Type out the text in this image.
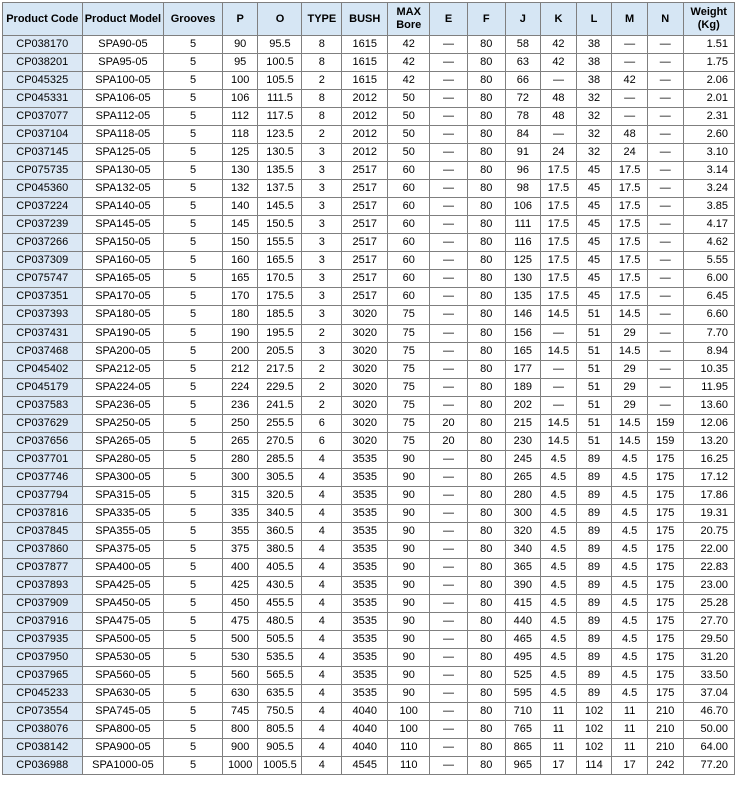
Product Code	Product Model	Grooves	P	O	TYPE	BUSH	MAX Bore	E	F	J	K	L	M	N	Weight (Kg)
CP038170	SPA90-05	5	90	95.5	8	1615	42	—	80	58	42	38	—	—	1.51
CP038201	SPA95-05	5	95	100.5	8	1615	42	—	80	63	42	38	—	—	1.75
CP045325	SPA100-05	5	100	105.5	2	1615	42	—	80	66	—	38	42	—	2.06
CP045331	SPA106-05	5	106	111.5	8	2012	50	—	80	72	48	32	—	—	2.01
CP037077	SPA112-05	5	112	117.5	8	2012	50	—	80	78	48	32	—	—	2.31
CP037104	SPA118-05	5	118	123.5	2	2012	50	—	80	84	—	32	48	—	2.60
CP037145	SPA125-05	5	125	130.5	3	2012	50	—	80	91	24	32	24	—	3.10
CP075735	SPA130-05	5	130	135.5	3	2517	60	—	80	96	17.5	45	17.5	—	3.14
CP045360	SPA132-05	5	132	137.5	3	2517	60	—	80	98	17.5	45	17.5	—	3.24
CP037224	SPA140-05	5	140	145.5	3	2517	60	—	80	106	17.5	45	17.5	—	3.85
CP037239	SPA145-05	5	145	150.5	3	2517	60	—	80	111	17.5	45	17.5	—	4.17
CP037266	SPA150-05	5	150	155.5	3	2517	60	—	80	116	17.5	45	17.5	—	4.62
CP037309	SPA160-05	5	160	165.5	3	2517	60	—	80	125	17.5	45	17.5	—	5.55
CP075747	SPA165-05	5	165	170.5	3	2517	60	—	80	130	17.5	45	17.5	—	6.00
CP037351	SPA170-05	5	170	175.5	3	2517	60	—	80	135	17.5	45	17.5	—	6.45
CP037393	SPA180-05	5	180	185.5	3	3020	75	—	80	146	14.5	51	14.5	—	6.60
CP037431	SPA190-05	5	190	195.5	2	3020	75	—	80	156	—	51	29	—	7.70
CP037468	SPA200-05	5	200	205.5	3	3020	75	—	80	165	14.5	51	14.5	—	8.94
CP045402	SPA212-05	5	212	217.5	2	3020	75	—	80	177	—	51	29	—	10.35
CP045179	SPA224-05	5	224	229.5	2	3020	75	—	80	189	—	51	29	—	11.95
CP037583	SPA236-05	5	236	241.5	2	3020	75	—	80	202	—	51	29	—	13.60
CP037629	SPA250-05	5	250	255.5	6	3020	75	20	80	215	14.5	51	14.5	159	12.06
CP037656	SPA265-05	5	265	270.5	6	3020	75	20	80	230	14.5	51	14.5	159	13.20
CP037701	SPA280-05	5	280	285.5	4	3535	90	—	80	245	4.5	89	4.5	175	16.25
CP037746	SPA300-05	5	300	305.5	4	3535	90	—	80	265	4.5	89	4.5	175	17.12
CP037794	SPA315-05	5	315	320.5	4	3535	90	—	80	280	4.5	89	4.5	175	17.86
CP037816	SPA335-05	5	335	340.5	4	3535	90	—	80	300	4.5	89	4.5	175	19.31
CP037845	SPA355-05	5	355	360.5	4	3535	90	—	80	320	4.5	89	4.5	175	20.75
CP037860	SPA375-05	5	375	380.5	4	3535	90	—	80	340	4.5	89	4.5	175	22.00
CP037877	SPA400-05	5	400	405.5	4	3535	90	—	80	365	4.5	89	4.5	175	22.83
CP037893	SPA425-05	5	425	430.5	4	3535	90	—	80	390	4.5	89	4.5	175	23.00
CP037909	SPA450-05	5	450	455.5	4	3535	90	—	80	415	4.5	89	4.5	175	25.28
CP037916	SPA475-05	5	475	480.5	4	3535	90	—	80	440	4.5	89	4.5	175	27.70
CP037935	SPA500-05	5	500	505.5	4	3535	90	—	80	465	4.5	89	4.5	175	29.50
CP037950	SPA530-05	5	530	535.5	4	3535	90	—	80	495	4.5	89	4.5	175	31.20
CP037965	SPA560-05	5	560	565.5	4	3535	90	—	80	525	4.5	89	4.5	175	33.50
CP045233	SPA630-05	5	630	635.5	4	3535	90	—	80	595	4.5	89	4.5	175	37.04
CP073554	SPA745-05	5	745	750.5	4	4040	100	—	80	710	11	102	11	210	46.70
CP038076	SPA800-05	5	800	805.5	4	4040	100	—	80	765	11	102	11	210	50.00
CP038142	SPA900-05	5	900	905.5	4	4040	110	—	80	865	11	102	11	210	64.00
CP036988	SPA1000-05	5	1000	1005.5	4	4545	110	—	80	965	17	114	17	242	77.20
